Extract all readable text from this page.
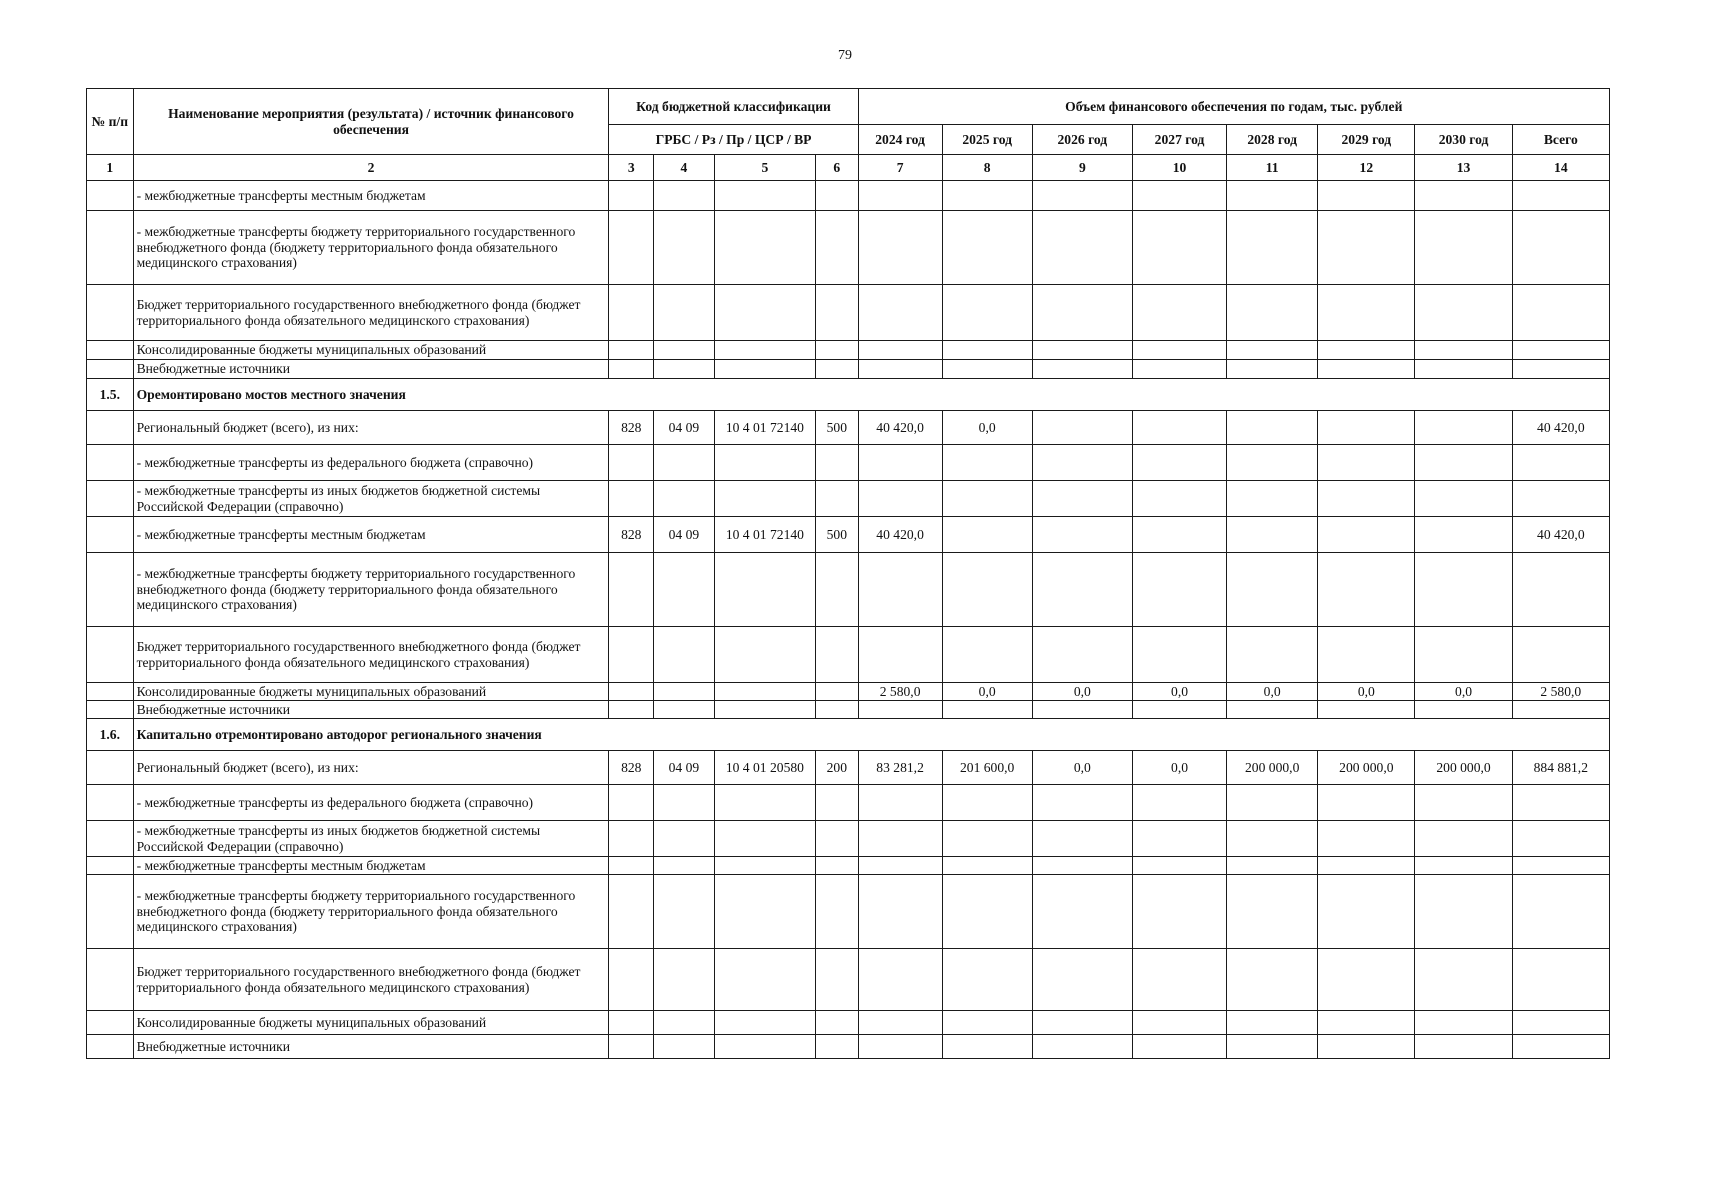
79
№ п/п	Наименование мероприятия (результата) / источник финансового обеспечения	Код бюджетной классификации				Объем финансового обеспечения по годам, тыс. рублей							
		ГРБС / Рз / Пр / ЦСР / ВР				2024 год	2025 год	2026 год	2027 год	2028 год	2029 год	2030 год	Всего
1	2	3	4	5	6	7	8	9	10	11	12	13	14
	- межбюджетные трансферты местным бюджетам												
	- межбюджетные трансферты бюджету территориального государственного внебюджетного фонда (бюджету территориального фонда обязательного медицинского страхования)												
	Бюджет территориального государственного внебюджетного фонда (бюджет территориального фонда обязательного медицинского страхования)												
	Консолидированные бюджеты муниципальных образований												
	Внебюджетные источники												
1.5.	Оремонтировано мостов местного значения												
	Региональный бюджет (всего), из них:	828	04 09	10 4 01 72140	500	40 420,0	0,0						40 420,0
	- межбюджетные трансферты из федерального бюджета (справочно)												
	- межбюджетные трансферты из иных бюджетов бюджетной системы Российской Федерации (справочно)												
	- межбюджетные трансферты местным бюджетам	828	04 09	10 4 01 72140	500	40 420,0							40 420,0
	- межбюджетные трансферты бюджету территориального государственного внебюджетного фонда (бюджету территориального фонда обязательного медицинского страхования)												
	Бюджет территориального государственного внебюджетного фонда (бюджет территориального фонда обязательного медицинского страхования)												
	Консолидированные бюджеты муниципальных образований					2 580,0	0,0	0,0	0,0	0,0	0,0	0,0	2 580,0
	Внебюджетные источники												
1.6.	Капитально отремонтировано автодорог регионального значения												
	Региональный бюджет (всего), из них:	828	04 09	10 4 01 20580	200	83 281,2	201 600,0	0,0	0,0	200 000,0	200 000,0	200 000,0	884 881,2
	- межбюджетные трансферты из федерального бюджета (справочно)												
	- межбюджетные трансферты из иных бюджетов бюджетной системы Российской Федерации (справочно)												
	- межбюджетные трансферты местным бюджетам												
	- межбюджетные трансферты бюджету территориального государственного внебюджетного фонда (бюджету территориального фонда обязательного медицинского страхования)												
	Бюджет территориального государственного внебюджетного фонда (бюджет территориального фонда обязательного медицинского страхования)												
	Консолидированные бюджеты муниципальных образований												
	Внебюджетные источники												
